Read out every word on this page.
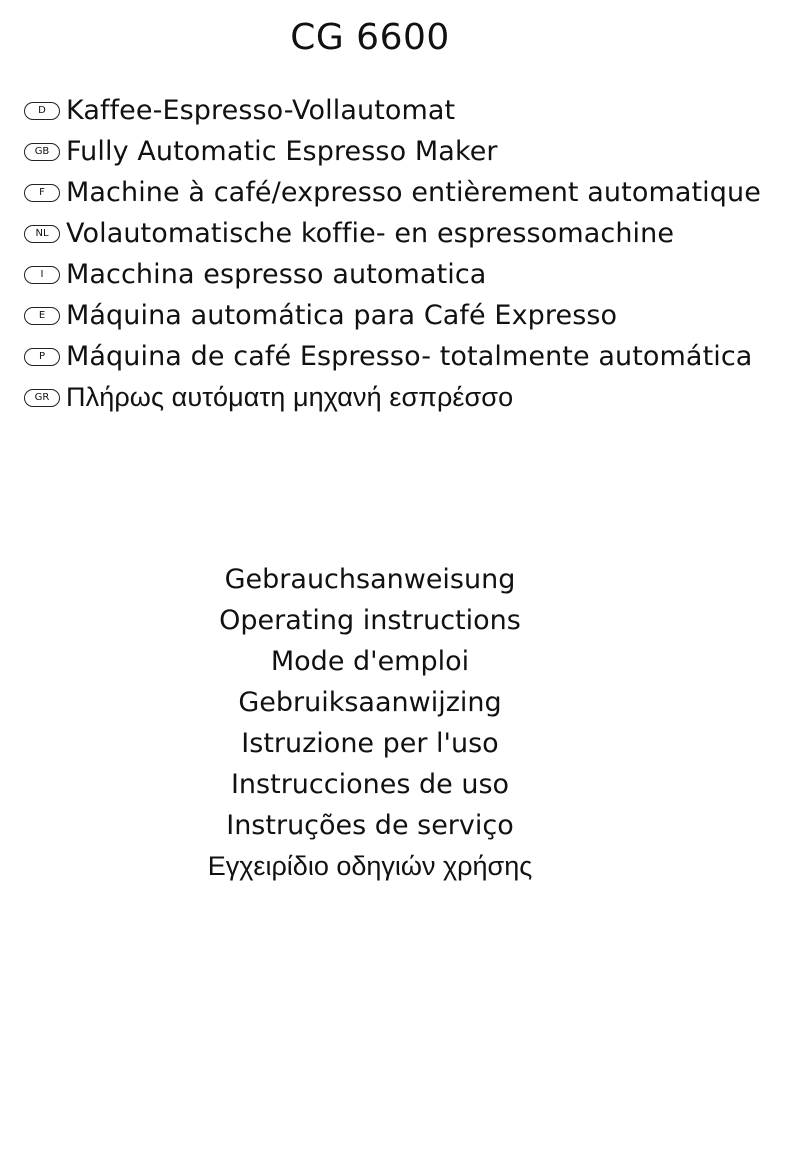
CG 6600
D Kaffee-Espresso-Vollautomat
GB Fully Automatic Espresso Maker
F Machine à café/expresso entièrement automatique
NL Volautomatische koffie- en espressomachine
I Macchina espresso automatica
E Máquina automática para Café Expresso
P Máquina de café Espresso- totalmente automática
GR Πλήρως αυτόματη μηχανή εσπρέσσο
Gebrauchsanweisung
Operating instructions
Mode d'emploi
Gebruiksaanwijzing
Istruzione per l'uso
Instrucciones de uso
Instruções de serviço
Εγχειρίδιο οδηγιών χρήσης
